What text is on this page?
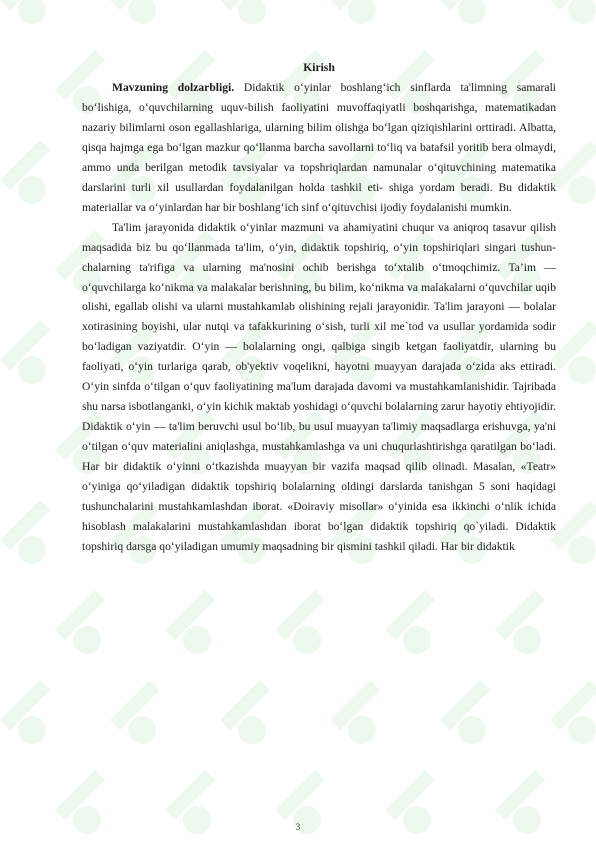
Kirish

Mavzuning dolzarbligi. Didaktik o‘yinlar boshlang‘ich sinflarda ta'limning samarali bo‘lishiga, o‘quvchilarning uquv-bilish faoliyatini muvoffaqiyatli boshqarishga, matematikadan nazariy bilimlarni oson egallashlariga, ularning bilim olishga bo‘lgan qiziqishlarini orttiradi. Albatta, qisqa hajmga ega bo‘lgan mazkur qo‘llanma barcha savollarni to‘liq va batafsil yoritib bera olmaydi, ammo unda berilgan metodik tavsiyalar va topshriqlardan namunalar o‘qituvchining matematika darslarini turli xil usullardan foydalanilgan holda tashkil eti- shiga yordam beradi. Bu didaktik materiallar va o‘yinlardan har bir boshlang‘ich sinf o‘qituvchisi ijodiy foydalanishi mumkin.

Ta'lim jarayonida didaktik o‘yinlar mazmuni va ahamiyatini chuqur va aniqroq tasavur qilish maqsadida biz bu qo‘llanmada ta'lim, o‘yin, didaktik topshiriq, o‘yin topshiriqlari singari tushun- chalarning ta'rifiga va ularning ma'nosini ochib berishga to‘xtalib o‘tmoqchimiz. Ta’im — o‘quvchilarga ko‘nikma va malakalar berishning, bu bilim, ko‘nikma va malakalarni o‘quvchilar uqib olishi, egallab olishi va ularni mustahkamlab olishining rejali jarayonidir. Ta'lim jarayoni — bolalar xotirasining boyishi, ular nutqi va tafakkurining o‘sish, turli xil me`tod va usullar yordamida sodir bo‘ladigan vaziyatdir. O‘yin — bolalarning ongi, qalbiga singib ketgan faoliyatdir, ularning bu faoliyati, o‘yin turlariga qarab, ob'yektiv voqelikni, hayotni muayyan darajada o‘zida aks ettiradi. O‘yin sinfda o‘tilgan o‘quv faoliyatining ma'lum darajada davomi va mustahkamlanishidir. Tajribada shu narsa isbotlanganki, o‘yin kichik maktab yoshidagi o‘quvchi bolalarning zarur hayotiy ehtiyojidir. Didaktik o‘yin — ta'lim beruvchi usul bo‘lib, bu usul muayyan ta'limiy maqsadlarga erishuvga, ya'ni o‘tilgan o‘quv materialini aniqlashga, mustahkamlashga va uni chuqurlashtirishga qaratilgan bo‘ladi. Har bir didaktik o‘yinni o‘tkazishda muayyan bir vazifa maqsad qilib olinadi. Masalan, «Teatr» o‘yiniga qo‘yiladigan didaktik topshiriq bolalarning oldingi darslarda tanishgan 5 soni haqidagi tushunchalarini mustahkamlashdan iborat. «Doiraviy misollar» o‘yinida esa ikkinchi o‘nlik ichida hisoblash malakalarini mustahkamlashdan iborat bo‘lgan didaktik topshiriq qo`yiladi. Didaktik topshiriq darsga qo‘yiladigan umumiy maqsadning bir qismini tashkil qiladi. Har bir didaktik

3
